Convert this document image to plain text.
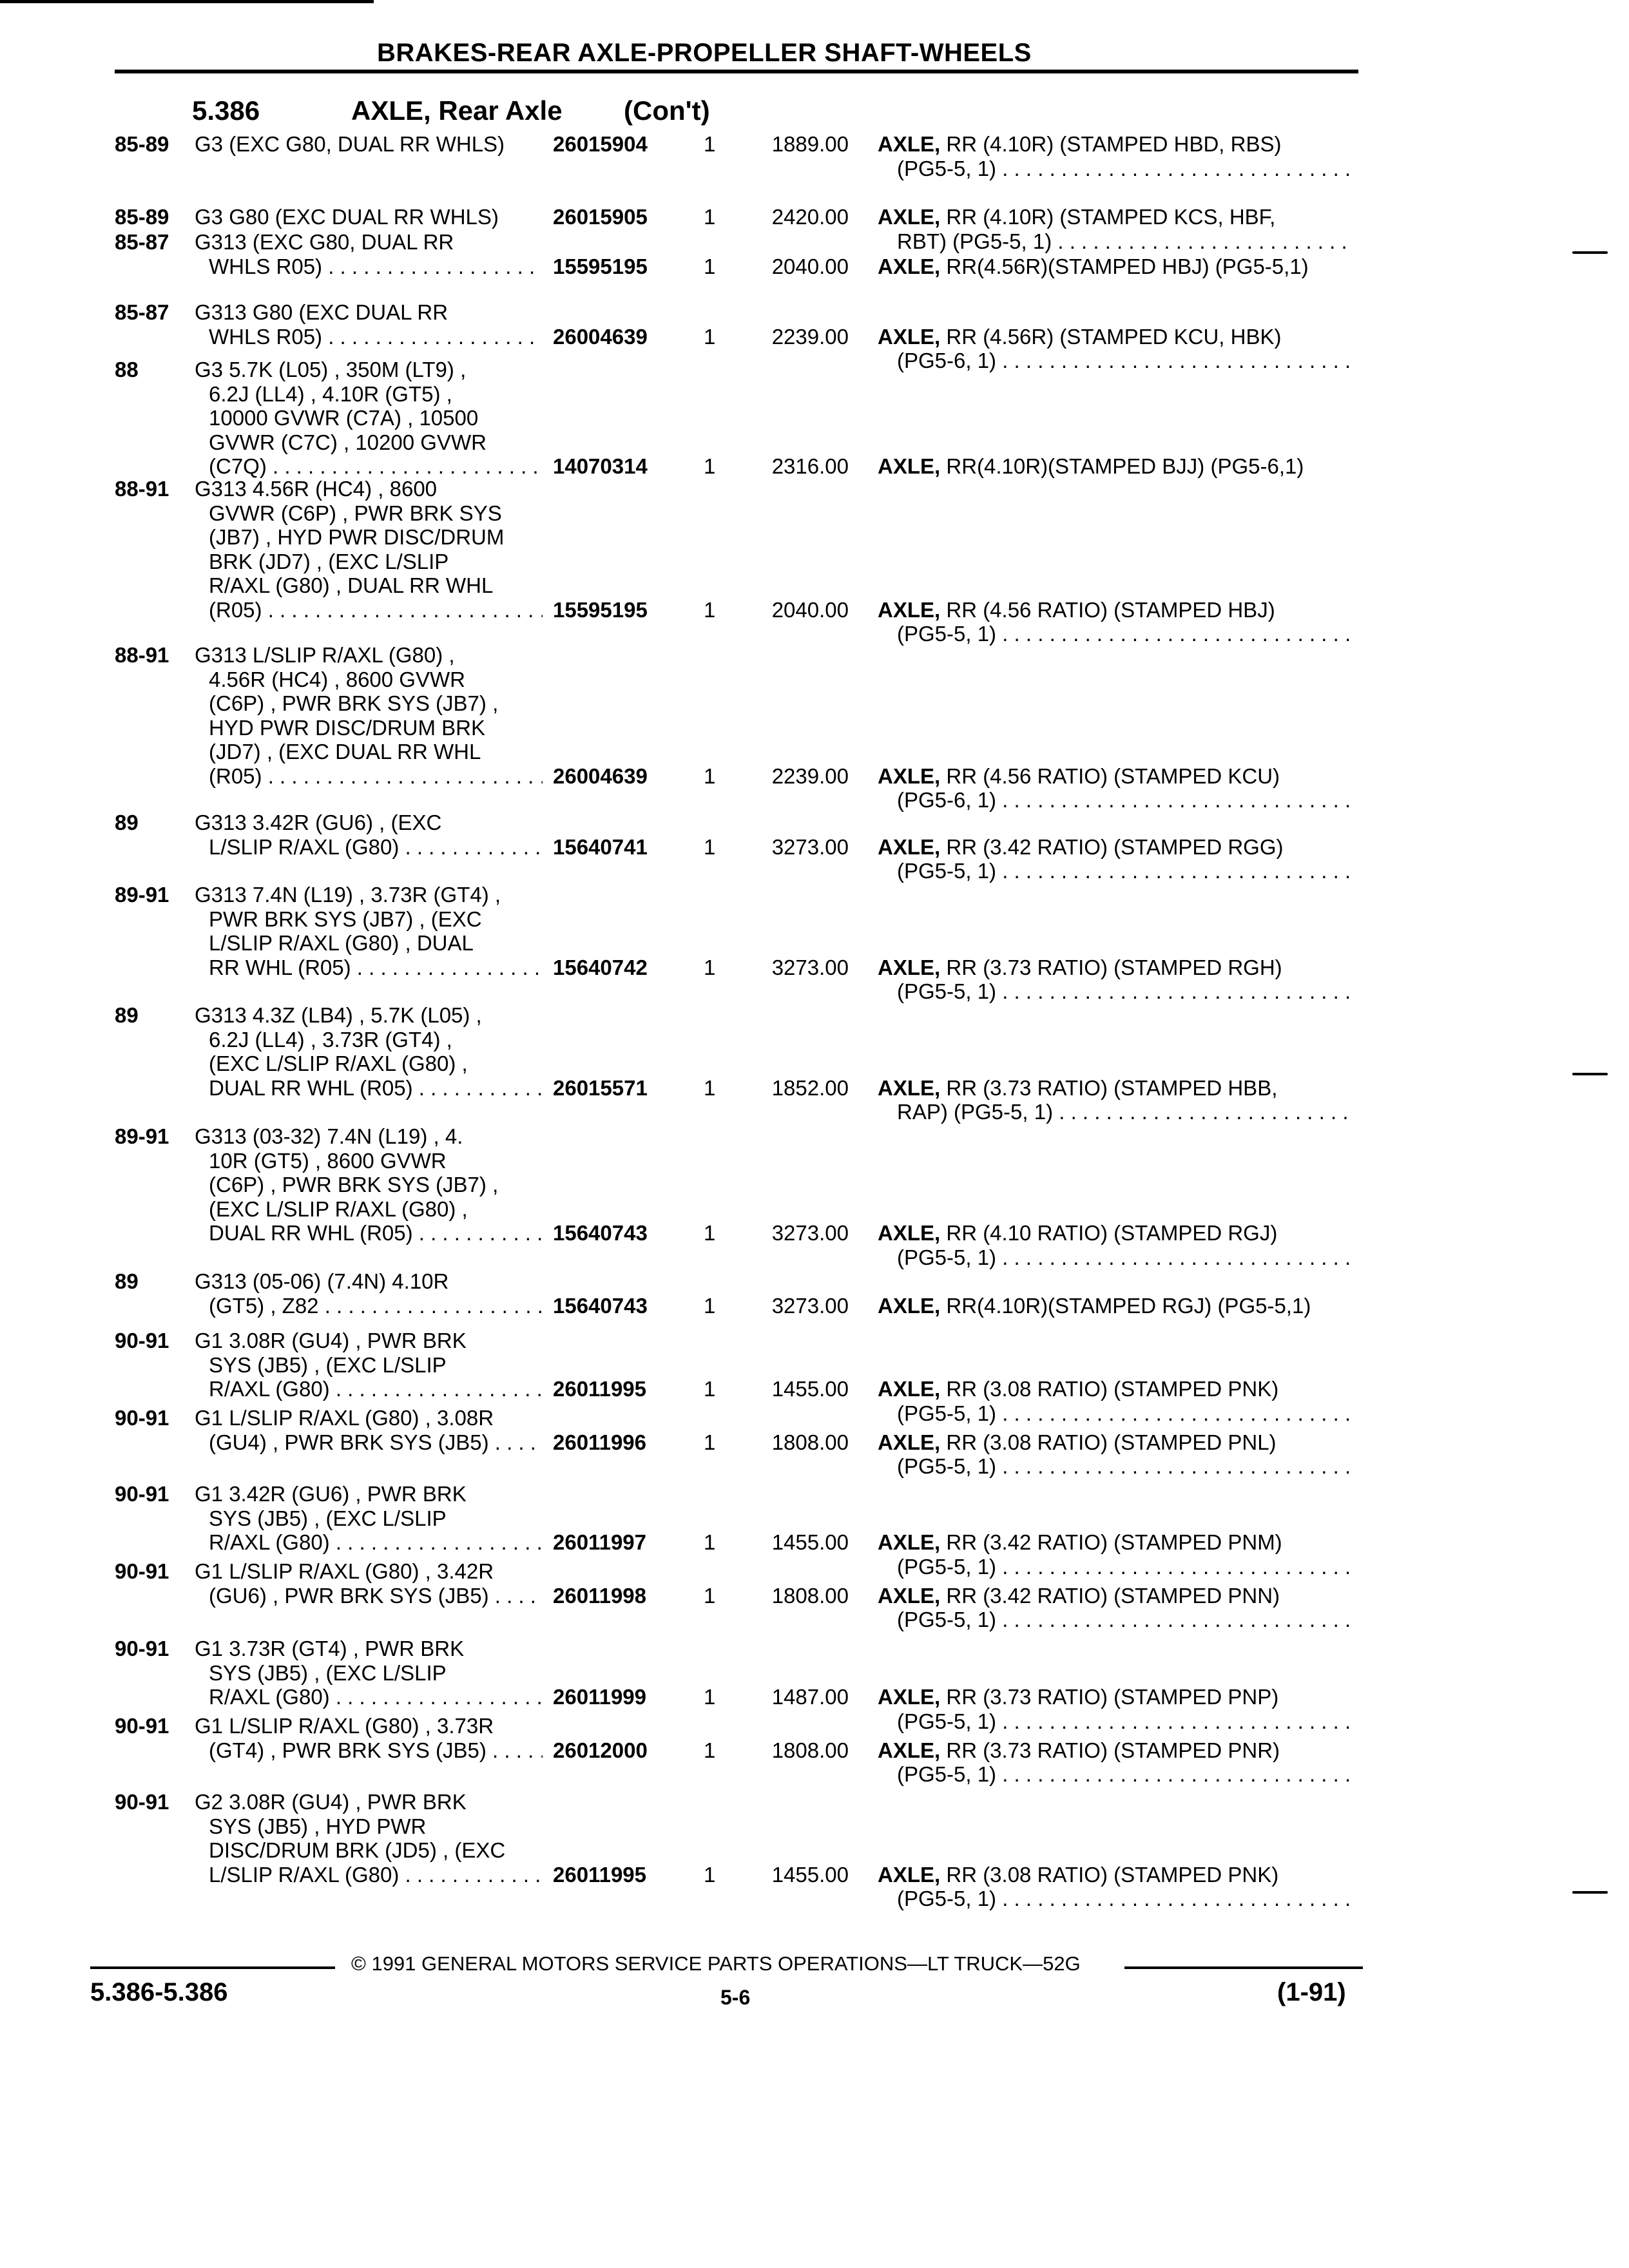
BRAKES-REAR AXLE-PROPELLER SHAFT-WHEELS
5.386	AXLE, Rear Axle (Con't)
85-89 G3 (EXC G80, DUAL RR WHLS)	26015904	1	1889.00 AXLE, RR (4.10R) (STAMPED HBD, RBS)
(PG5-5, 1) . . .
85-89 G3 G80 (EXC DUAL RR WHLS)	26015905	1	2420.00 AXLE, RR (4.10R) (STAMPED KCS, HBF,
RBT) (PG5-5, 1) . . .
85-87 G313 (EXC G80, DUAL RR
WHLS R05) . . .	15595195	1	2040.00 AXLE, RR(4.56R)(STAMPED HBJ) (PG5-5,1)
85-87 G313 G80 (EXC DUAL RR
WHLS R05) . . .	26004639	1	2239.00 AXLE, RR (4.56R) (STAMPED KCU, HBK)
(PG5-6, 1) . . .
88	G3 5.7K (L05) , 350M (LT9) ,
6.2J (LL4) , 4.10R (GT5) ,
10000 GVWR (C7A) , 10500
GVWR (C7C) , 10200 GVWR
(C7Q) . . .	14070314	1	2316.00 AXLE, RR(4.10R)(STAMPED BJJ) (PG5-6,1)
88-91 G313 4.56R (HC4) , 8600
GVWR (C6P) , PWR BRK SYS
(JB7) , HYD PWR DISC/DRUM
BRK (JD7) , (EXC L/SLIP
R/AXL (G80) , DUAL RR WHL
(R05) . . .	15595195	1	2040.00 AXLE, RR (4.56 RATIO) (STAMPED HBJ)
(PG5-5, 1) . . .
88-91 G313 L/SLIP R/AXL (G80) ,
4.56R (HC4) , 8600 GVWR
(C6P) , PWR BRK SYS (JB7) ,
HYD PWR DISC/DRUM BRK
(JD7) , (EXC DUAL RR WHL
(R05) . . .	26004639	1	2239.00 AXLE, RR (4.56 RATIO) (STAMPED KCU)
(PG5-6, 1) . . .
89	G313 3.42R (GU6) , (EXC
L/SLIP R/AXL (G80) . . .	15640741	1	3273.00 AXLE, RR (3.42 RATIO) (STAMPED RGG)
(PG5-5, 1) . . .
89-91 G313 7.4N (L19) , 3.73R (GT4) ,
PWR BRK SYS (JB7) , (EXC
L/SLIP R/AXL (G80) , DUAL
RR WHL (R05) . . .	15640742	1	3273.00 AXLE, RR (3.73 RATIO) (STAMPED RGH)
(PG5-5, 1) . . .
89	G313 4.3Z (LB4) , 5.7K (L05) ,
6.2J (LL4) , 3.73R (GT4) ,
(EXC L/SLIP R/AXL (G80) ,
DUAL RR WHL (R05) . . .	26015571	1	1852.00 AXLE, RR (3.73 RATIO) (STAMPED HBB,
RAP) (PG5-5, 1) . . .
89-91 G313 (03-32) 7.4N (L19) , 4.
10R (GT5) , 8600 GVWR
(C6P) , PWR BRK SYS (JB7) ,
(EXC L/SLIP R/AXL (G80) ,
DUAL RR WHL (R05) . . .	15640743	1	3273.00 AXLE, RR (4.10 RATIO) (STAMPED RGJ)
(PG5-5, 1) . . .
89	G313 (05-06) (7.4N) 4.10R
(GT5) , Z82 . . .	15640743	1	3273.00 AXLE, RR(4.10R)(STAMPED RGJ) (PG5-5,1)
90-91 G1 3.08R (GU4) , PWR BRK
SYS (JB5) , (EXC L/SLIP
R/AXL (G80) . . .	26011995	1	1455.00 AXLE, RR (3.08 RATIO) (STAMPED PNK)
(PG5-5, 1) . . .
90-91 G1 L/SLIP R/AXL (G80) , 3.08R
(GU4) , PWR BRK SYS (JB5) . . .	26011996	1	1808.00 AXLE, RR (3.08 RATIO) (STAMPED PNL)
(PG5-5, 1) . . .
90-91 G1 3.42R (GU6) , PWR BRK
SYS (JB5) , (EXC L/SLIP
R/AXL (G80) . . .	26011997	1	1455.00 AXLE, RR (3.42 RATIO) (STAMPED PNM)
(PG5-5, 1) . . .
90-91 G1 L/SLIP R/AXL (G80) , 3.42R
(GU6) , PWR BRK SYS (JB5) . . .	26011998	1	1808.00 AXLE, RR (3.42 RATIO) (STAMPED PNN)
(PG5-5, 1) . . .
90-91 G1 3.73R (GT4) , PWR BRK
SYS (JB5) , (EXC L/SLIP
R/AXL (G80) . . .	26011999	1	1487.00 AXLE, RR (3.73 RATIO) (STAMPED PNP)
(PG5-5, 1) . . .
90-91 G1 L/SLIP R/AXL (G80) , 3.73R
(GT4) , PWR BRK SYS (JB5) . . .	26012000	1	1808.00 AXLE, RR (3.73 RATIO) (STAMPED PNR)
(PG5-5, 1) . . .
90-91 G2 3.08R (GU4) , PWR BRK
SYS (JB5) , HYD PWR
DISC/DRUM BRK (JD5) , (EXC
L/SLIP R/AXL (G80) . . .	26011995	1	1455.00 AXLE, RR (3.08 RATIO) (STAMPED PNK)
(PG5-5, 1) . . .
© 1991 GENERAL MOTORS SERVICE PARTS OPERATIONS—LT TRUCK—52G
5.386-5.386	5-6	(1-91)
